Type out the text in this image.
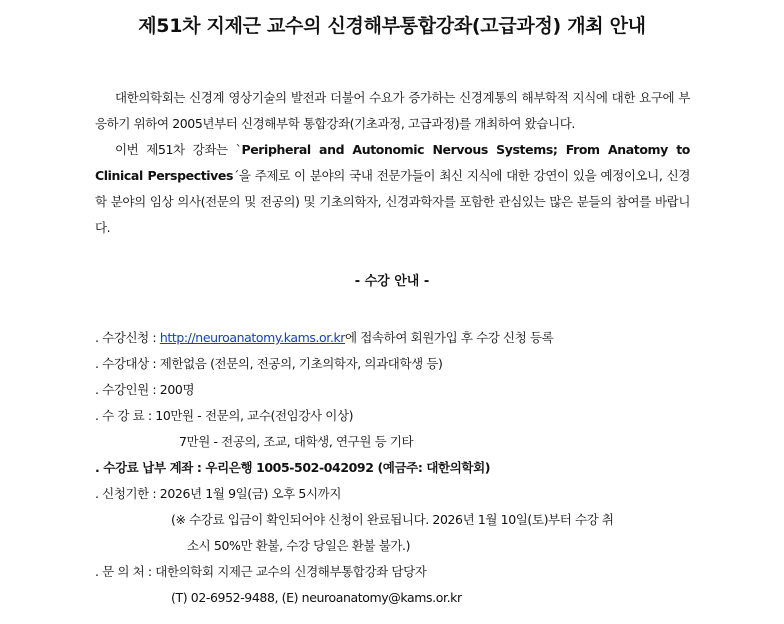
제51차 지제근 교수의 신경해부통합강좌(고급과정) 개최 안내

대한의학회는 신경계 영상기술의 발전과 더불어 수요가 증가하는 신경계통의 해부학적 지식에 대한 요구에 부응하기 위하여 2005년부터 신경해부학 통합강좌(기초과정, 고급과정)를 개최하여 왔습니다.

이번 제51차 강좌는 `Peripheral and Autonomic Nervous Systems; From Anatomy to Clinical Perspectives´을 주제로 이 분야의 국내 전문가들이 최신 지식에 대한 강연이 있을 예정이오니, 신경학 분야의 임상 의사(전문의 및 전공의) 및 기초의학자, 신경과학자를 포함한 관심있는 많은 분들의 참여를 바랍니다.

- 수강 안내 -
. 수강신청 : http://neuroanatomy.kams.or.kr에 접속하여 회원가입 후 수강 신청 등록
. 수강대상 : 제한없음 (전문의, 전공의, 기초의학자, 의과대학생 등)
. 수강인원 : 200명
. 수 강 료 : 10만원 - 전문의, 교수(전임강사 이상)
7만원 - 전공의, 조교, 대학생, 연구원 등 기타
. 수강료 납부 계좌 : 우리은행 1005-502-042092 (예금주: 대한의학회)
. 신청기한 : 2026년 1월 9일(금) 오후 5시까지
(※ 수강료 입금이 확인되어야 신청이 완료됩니다. 2026년 1월 10일(토)부터 수강 취
소시 50%만 환불, 수강 당일은 환불 불가.)
. 문 의 처 : 대한의학회 지제근 교수의 신경해부통합강좌 담당자
(T) 02-6952-9488, (E) neuroanatomy@kams.or.kr
